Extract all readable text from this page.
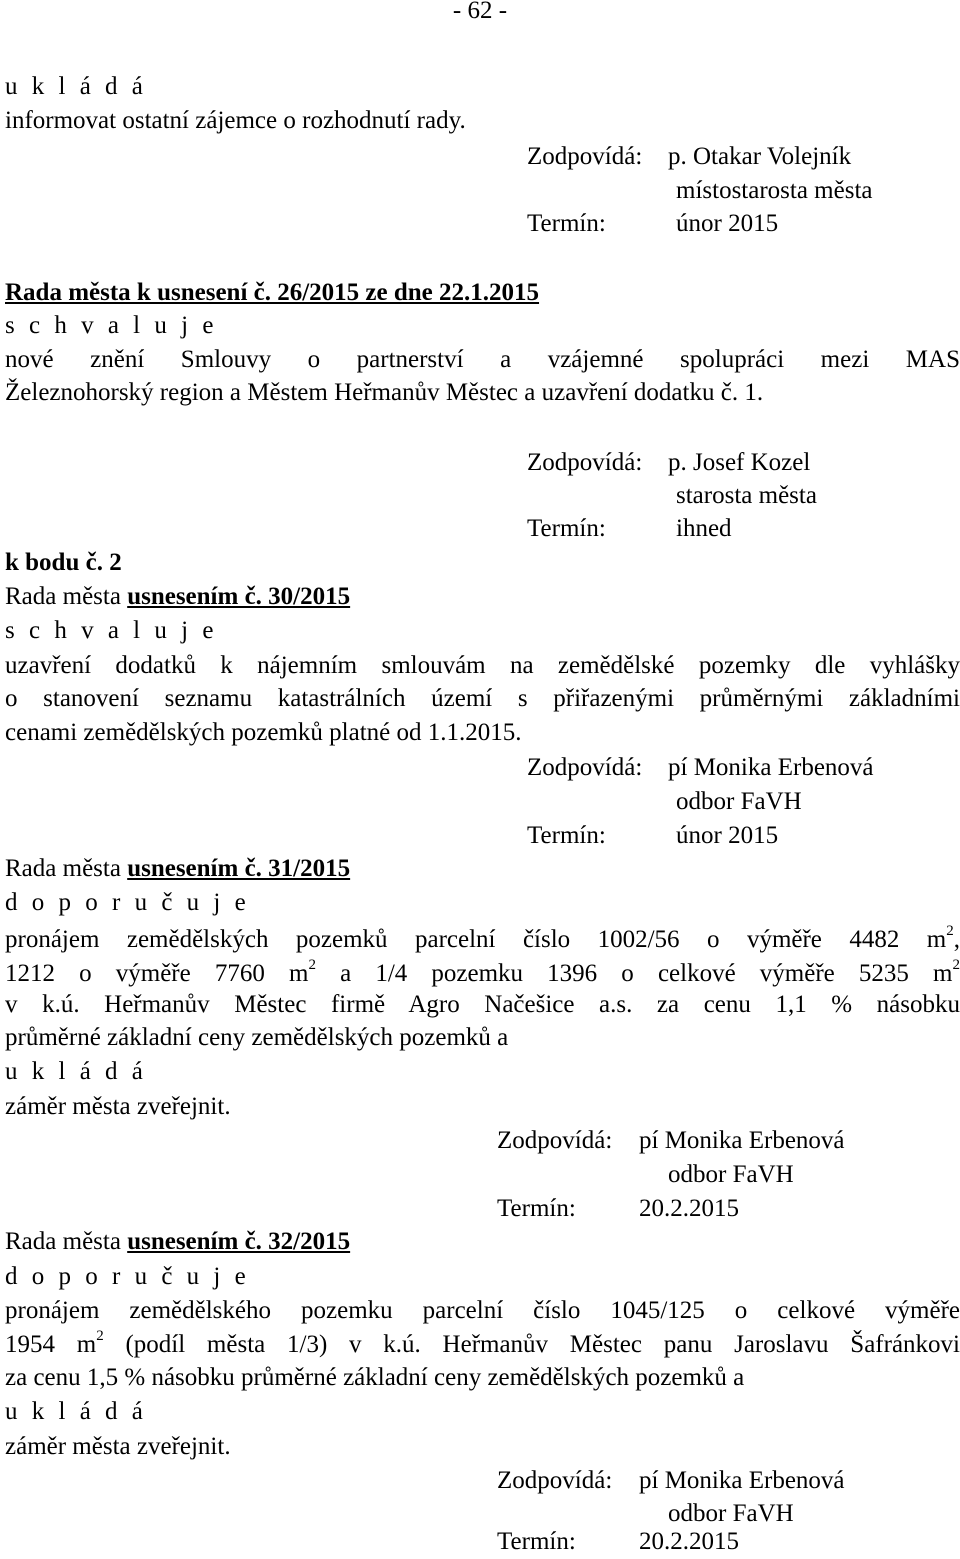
- 62 -
u k l á d á
informovat ostatní zájemce o rozhodnutí rady.
Zodpovídá: p. Otakar Volejník
místostarosta města
Termín:	únor 2015
Rada města k usnesení č. 26/2015 ze dne 22.1.2015
s c h v a l u j e
nové znění Smlouvy o partnerství a vzájemné spolupráci mezi MAS
Železnohorský region a Městem Heřmanův Městec a uzavření dodatku č. 1.
Zodpovídá: p. Josef Kozel
starosta města
Termín:	ihned
k bodu č. 2
Rada města usnesením č. 30/2015
s c h v a l u j e
uzavření dodatků k nájemním smlouvám na zemědělské pozemky dle vyhlášky
o stanovení seznamu katastrálních území s přiřazenými průměrnými základními
cenami zemědělských pozemků platné od 1.1.2015.
Zodpovídá: pí Monika Erbenová
odbor FaVH
Termín:	únor 2015
Rada města usnesením č. 31/2015
d o p o r u č u j e
pronájem zemědělských pozemků parcelní číslo 1002/56 o výměře 4482 $m^2$,
1212 o výměře 7760 $m^2$ a 1/4 pozemku 1396 o celkové výměře 5235 $m^2$
v k.ú. Heřmanův Městec firmě Agro Načešice a.s. za cenu 1,1 % násobku
průměrné základní ceny zemědělských pozemků a
u k l á d á
záměr města zveřejnit.
Zodpovídá: pí Monika Erbenová
odbor FaVH
Termín:	20.2.2015
Rada města usnesením č. 32/2015
d o p o r u č u j e
pronájem zemědělského pozemku parcelní číslo 1045/125 o celkové výměře
1954 $m^2$ (podíl města 1/3) v k.ú. Heřmanův Městec panu Jaroslavu Šafránkovi
za cenu 1,5 % násobku průměrné základní ceny zemědělských pozemků a
u k l á d á
záměr města zveřejnit.
Zodpovídá: pí Monika Erbenová
odbor FaVH
Termín:	20.2.2015
